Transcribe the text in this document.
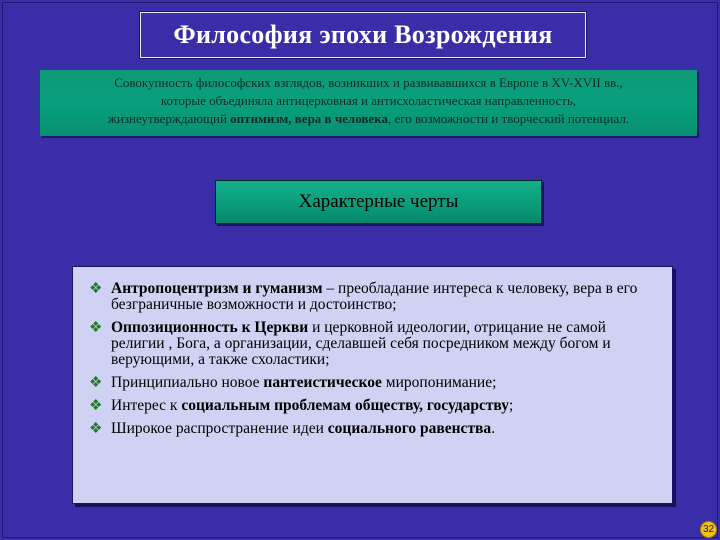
Философия эпохи Возрождения
Совокупность философских взглядов, возникших и развивавшихся в Европе в XV-XVII вв.,
которые объединяла антицерковная и антисхоластическая направленность,
жизнеутверждающий оптимизм, вера в человека, его возможности и творческий потенциал.
Характерные черты
❖ Антропоцентризм и гуманизм – преобладание интереса к человеку, вера в его безграничные возможности и достоинство;
❖ Оппозиционность к Церкви и церковной идеологии, отрицание не самой религии , Бога, а организации, сделавшей себя посредником между богом и верующими, а также схоластики;
❖ Принципиально новое пантеистическое миропонимание;
❖ Интерес к социальным проблемам обществу, государству;
❖ Широкое распространение идеи социального равенства.
32
